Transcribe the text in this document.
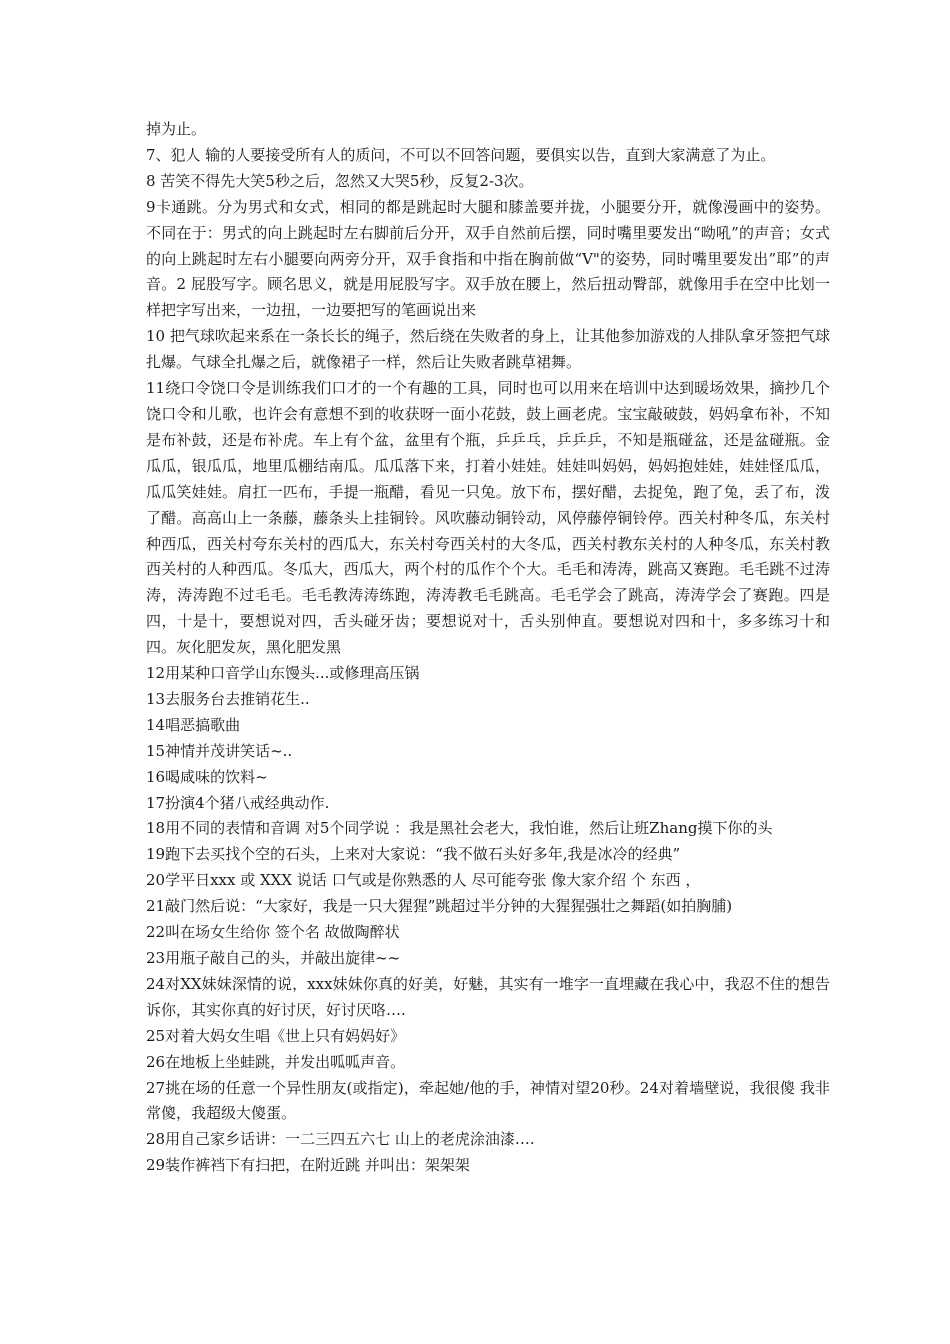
掉为止。

7、犯人 输的人要接受所有人的质问，不可以不回答问题，要俱实以告，直到大家满意了为止。

8 苦笑不得先大笑5秒之后，忽然又大哭5秒，反复2-3次。

9卡通跳。分为男式和女式，相同的都是跳起时大腿和膝盖要并拢，小腿要分开，就像漫画中的姿势。不同在于：男式的向上跳起时左右脚前后分开，双手自然前后摆，同时嘴里要发出“呦吼”的声音；女式的向上跳起时左右小腿要向两旁分开，双手食指和中指在胸前做“V"的姿势，同时嘴里要发出”耶”的声音。2 屁股写字。顾名思义，就是用屁股写字。双手放在腰上，然后扭动臀部，就像用手在空中比划一样把字写出来，一边扭，一边要把写的笔画说出来

10 把气球吹起来系在一条长长的绳子，然后绕在失败者的身上，让其他参加游戏的人排队拿牙签把气球扎爆。气球全扎爆之后，就像裙子一样，然后让失败者跳草裙舞。

11绕口令饶口令是训练我们口才的一个有趣的工具，同时也可以用来在培训中达到暖场效果，摘抄几个饶口令和儿歌，也许会有意想不到的收获呀一面小花鼓，鼓上画老虎。宝宝敲破鼓，妈妈拿布补，不知是布补鼓，还是布补虎。车上有个盆，盆里有个瓶，乒乒乓，乒乒乒，不知是瓶碰盆，还是盆碰瓶。金瓜瓜，银瓜瓜，地里瓜棚结南瓜。瓜瓜落下来，打着小娃娃。娃娃叫妈妈，妈妈抱娃娃，娃娃怪瓜瓜，瓜瓜笑娃娃。肩扛一匹布，手提一瓶醋，看见一只兔。放下布，摆好醋，去捉兔，跑了兔，丢了布，泼了醋。高高山上一条藤，藤条头上挂铜铃。风吹藤动铜铃动，风停藤停铜铃停。西关村种冬瓜，东关村种西瓜，西关村夸东关村的西瓜大，东关村夸西关村的大冬瓜，西关村教东关村的人种冬瓜，东关村教西关村的人种西瓜。冬瓜大，西瓜大，两个村的瓜作个个大。毛毛和涛涛，跳高又赛跑。毛毛跳不过涛涛，涛涛跑不过毛毛。毛毛教涛涛练跑，涛涛教毛毛跳高。毛毛学会了跳高，涛涛学会了赛跑。四是四，十是十，要想说对四，舌头碰牙齿；要想说对十，舌头别伸直。要想说对四和十，多多练习十和四。灰化肥发灰，黑化肥发黑

12用某种口音学山东馒头...或修理高压锅

13去服务台去推销花生..

14唱恶搞歌曲

15神情并茂讲笑话~..

16喝咸味的饮料~

17扮演4个猪八戒经典动作.

18用不同的表情和音调 对5个同学说 ：我是黑社会老大，我怕谁，然后让班Zhang摸下你的头

19跑下去买找个空的石头，上来对大家说：“我不做石头好多年,我是冰冷的经典”

20学平日xxx 或 XXX 说话 口气或是你熟悉的人 尽可能夸张 像大家介绍 个 东西 ，

21敲门然后说：“大家好，我是一只大猩猩”跳超过半分钟的大猩猩强壮之舞蹈(如拍胸脯)

22叫在场女生给你 签个名 故做陶醉状

23用瓶子敲自己的头，并敲出旋律~~

24对XX妹妹深情的说，xxx妹妹你真的好美，好魅，其实有一堆字一直埋藏在我心中，我忍不住的想告诉你，其实你真的好讨厌，好讨厌咯….

25对着大妈女生唱《世上只有妈妈好》

26在地板上坐蛙跳，并发出呱呱声音。

27挑在场的任意一个异性朋友(或指定)，牵起她/他的手，神情对望20秒。24对着墙壁说，我很傻 我非常傻，我超级大傻蛋。

28用自己家乡话讲：一二三四五六七 山上的老虎涂油漆….

29装作裤裆下有扫把，在附近跳 并叫出：架架架
